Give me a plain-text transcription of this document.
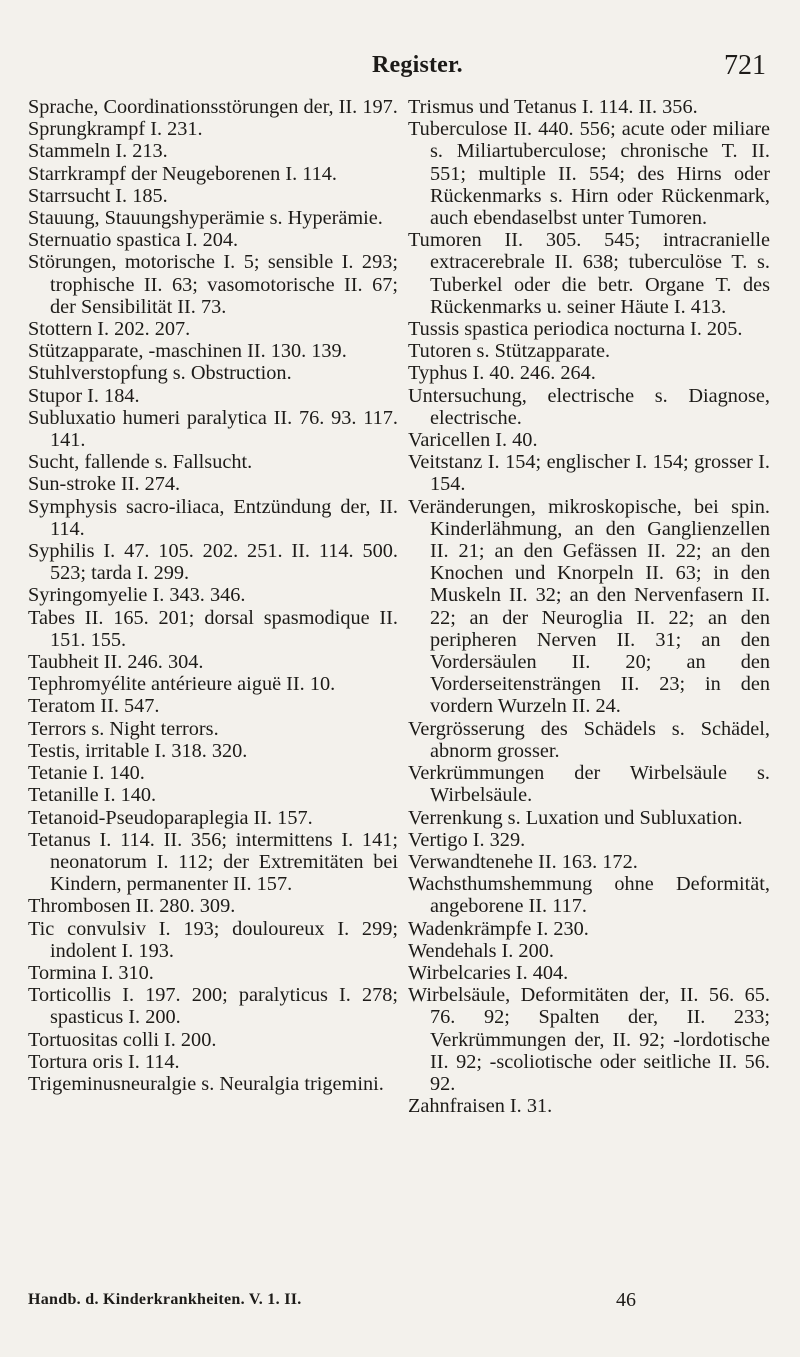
Register.	721

Sprache, Coordinationsstörungen der, II. 197.

Sprungkrampf I. 231.

Stammeln I. 213.

Starrkrampf der Neugeborenen I. 114.

Starrsucht I. 185.

Stauung, Stauungshyperämie s. Hyperämie.

Sternuatio spastica I. 204.

Störungen, motorische I. 5; sensible I. 293; trophische II. 63; vasomotorische II. 67; der Sensibilität II. 73.

Stottern I. 202. 207.

Stützapparate, -maschinen II. 130. 139.

Stuhlverstopfung s. Obstruction.

Stupor I. 184.

Subluxatio humeri paralytica II. 76. 93. 117. 141.

Sucht, fallende s. Fallsucht.

Sun-stroke II. 274.

Symphysis sacro-iliaca, Entzündung der, II. 114.

Syphilis I. 47. 105. 202. 251. II. 114. 500. 523; tarda I. 299.

Syringomyelie I. 343. 346.

Tabes II. 165. 201; dorsal spasmodique II. 151. 155.

Taubheit II. 246. 304.

Tephromyélite antérieure aiguë II. 10.

Teratom II. 547.

Terrors s. Night terrors.

Testis, irritable I. 318. 320.

Tetanie I. 140.

Tetanille I. 140.

Tetanoid-Pseudoparaplegia II. 157.

Tetanus I. 114. II. 356; intermittens I. 141; neonatorum I. 112; der Extremitäten bei Kindern, permanenter II. 157.

Thrombosen II. 280. 309.

Tic convulsiv I. 193; douloureux I. 299; indolent I. 193.

Tormina I. 310.

Torticollis I. 197. 200; paralyticus I. 278; spasticus I. 200.

Tortuositas colli I. 200.

Tortura oris I. 114.

Trigeminusneuralgie s. Neuralgia trigemini.

Trismus und Tetanus I. 114. II. 356.

Tuberculose II. 440. 556; acute oder miliare s. Miliartuberculose; chronische T. II. 551; multiple II. 554; des Hirns oder Rückenmarks s. Hirn oder Rückenmark, auch ebendaselbst unter Tumoren.

Tumoren II. 305. 545; intracranielle extracerebrale II. 638; tuberculöse T. s. Tuberkel oder die betr. Organe T. des Rückenmarks u. seiner Häute I. 413.

Tussis spastica periodica nocturna I. 205.

Tutoren s. Stützapparate.

Typhus I. 40. 246. 264.

Untersuchung, electrische s. Diagnose, electrische.

Varicellen I. 40.

Veitstanz I. 154; englischer I. 154; grosser I. 154.

Veränderungen, mikroskopische, bei spin. Kinderlähmung, an den Ganglienzellen II. 21; an den Gefässen II. 22; an den Knochen und Knorpeln II. 63; in den Muskeln II. 32; an den Nervenfasern II. 22; an der Neuroglia II. 22; an den peripheren Nerven II. 31; an den Vordersäulen II. 20; an den Vorderseitensträngen II. 23; in den vordern Wurzeln II. 24.

Vergrösserung des Schädels s. Schädel, abnorm grosser.

Verkrümmungen der Wirbelsäule s. Wirbelsäule.

Verrenkung s. Luxation und Subluxation.

Vertigo I. 329.

Verwandtenehe II. 163. 172.

Wachsthumshemmung ohne Deformität, angeborene II. 117.

Wadenkrämpfe I. 230.

Wendehals I. 200.

Wirbelcaries I. 404.

Wirbelsäule, Deformitäten der, II. 56. 65. 76. 92; Spalten der, II. 233; Verkrümmungen der, II. 92; -lordotische II. 92; -scoliotische oder seitliche II. 56. 92.

Zahnfraisen I. 31.

Handb. d. Kinderkrankheiten. V. 1. II.	46
